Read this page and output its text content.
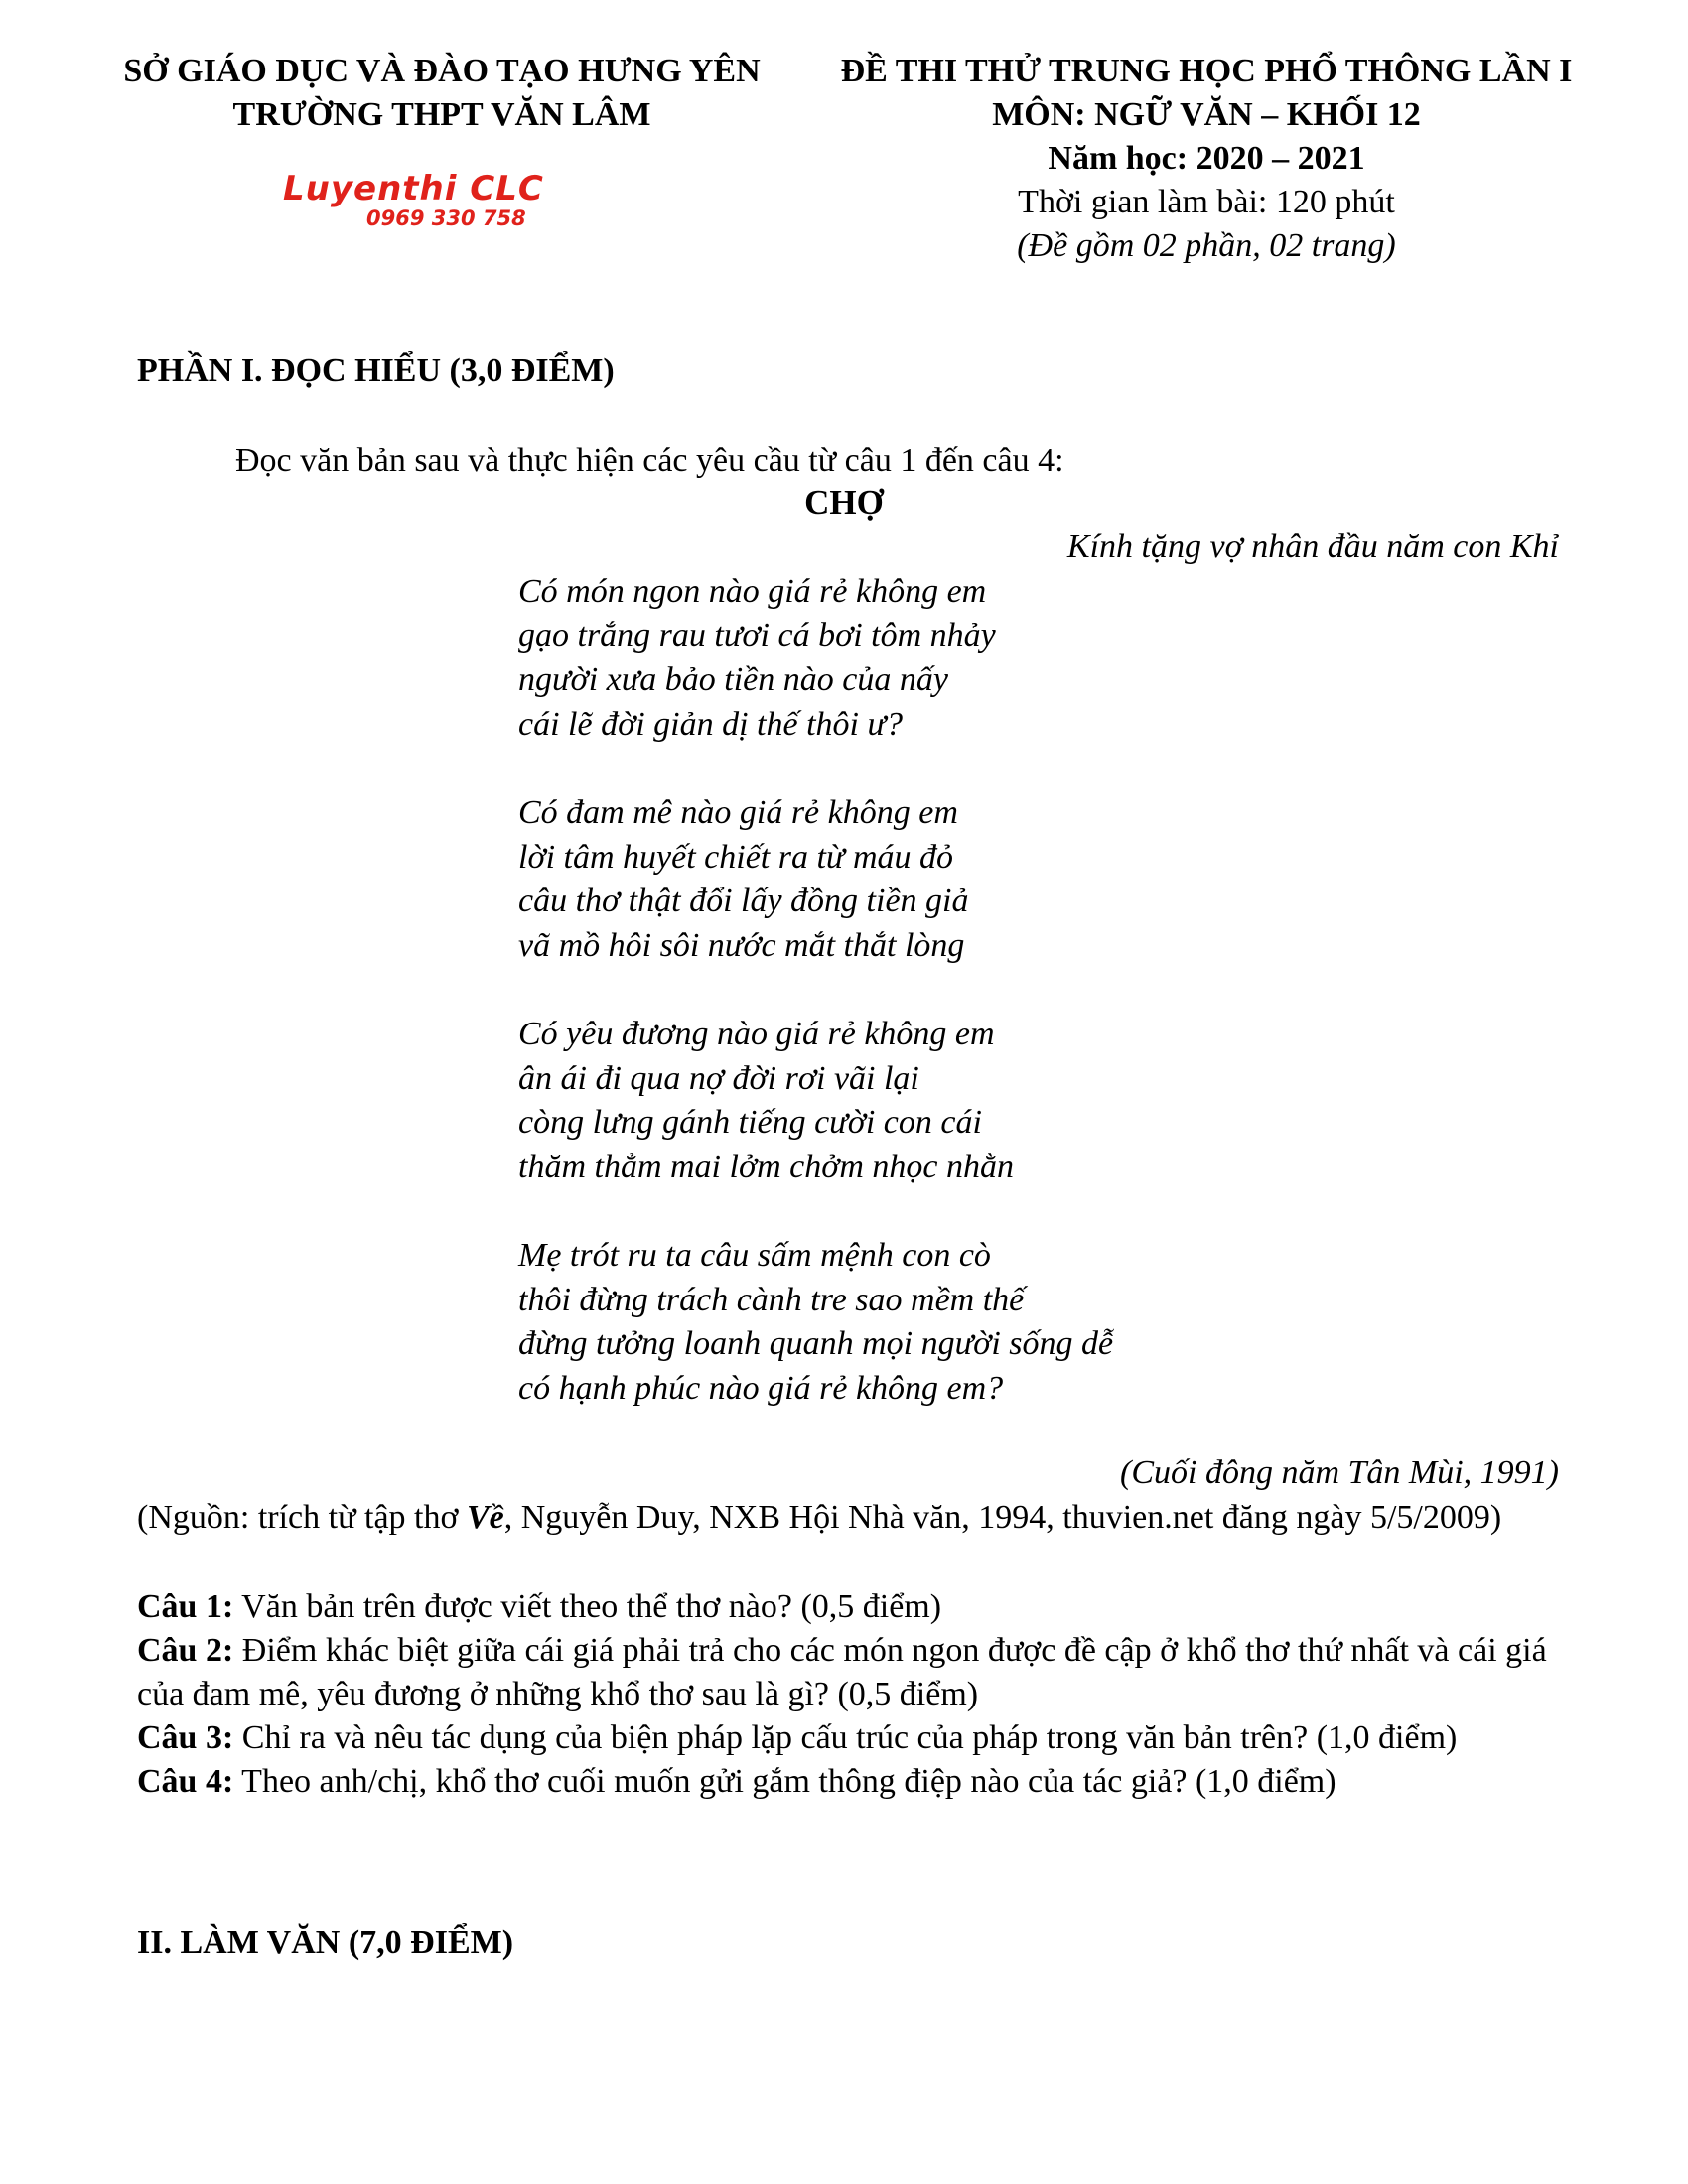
SỞ GIÁO DỤC VÀ ĐÀO TẠO HƯNG YÊN
TRƯỜNG THPT VĂN LÂM
ĐỀ THI THỬ TRUNG HỌC PHỔ THÔNG LẦN I
MÔN: NGỮ VĂN – KHỐI 12
Năm học: 2020 – 2021
Thời gian làm bài: 120 phút
(Đề gồm 02 phần, 02 trang)
Luyenthi CLC
0969 330 758
PHẦN I. ĐỌC HIỂU (3,0 ĐIỂM)
Đọc văn bản sau và thực hiện các yêu cầu từ câu 1 đến câu 4:
CHỢ
Kính tặng vợ nhân đầu năm con Khỉ
Có món ngon nào giá rẻ không em
gạo trắng rau tươi cá bơi tôm nhảy
người xưa bảo tiền nào của nấy
cái lẽ đời giản dị thế thôi ư?
Có đam mê nào giá rẻ không em
lời tâm huyết chiết ra từ máu đỏ
câu thơ thật đổi lấy đồng tiền giả
vã mồ hôi sôi nước mắt thắt lòng
Có yêu đương nào giá rẻ không em
ân ái đi qua nợ đời rơi vãi lại
còng lưng gánh tiếng cười con cái
thăm thẳm mai lởm chởm nhọc nhằn
Mẹ trót ru ta câu sấm mệnh con cò
thôi đừng trách cành tre sao mềm thế
đừng tưởng loanh quanh mọi người sống dễ
có hạnh phúc nào giá rẻ không em?
(Cuối đông năm Tân Mùi, 1991)
(Nguồn: trích từ tập thơ Về, Nguyễn Duy, NXB Hội Nhà văn, 1994, thuvien.net đăng ngày 5/5/2009)
Câu 1: Văn bản trên được viết theo thể thơ nào? (0,5 điểm)
Câu 2: Điểm khác biệt giữa cái giá phải trả cho các món ngon được đề cập ở khổ thơ thứ nhất và cái giá của đam mê, yêu đương ở những khổ thơ sau là gì? (0,5 điểm)
Câu 3: Chỉ ra và nêu tác dụng của biện pháp lặp cấu trúc của pháp trong văn bản trên? (1,0 điểm)
Câu 4: Theo anh/chị, khổ thơ cuối muốn gửi gắm thông điệp nào của tác giả? (1,0 điểm)
II. LÀM VĂN (7,0 ĐIỂM)
